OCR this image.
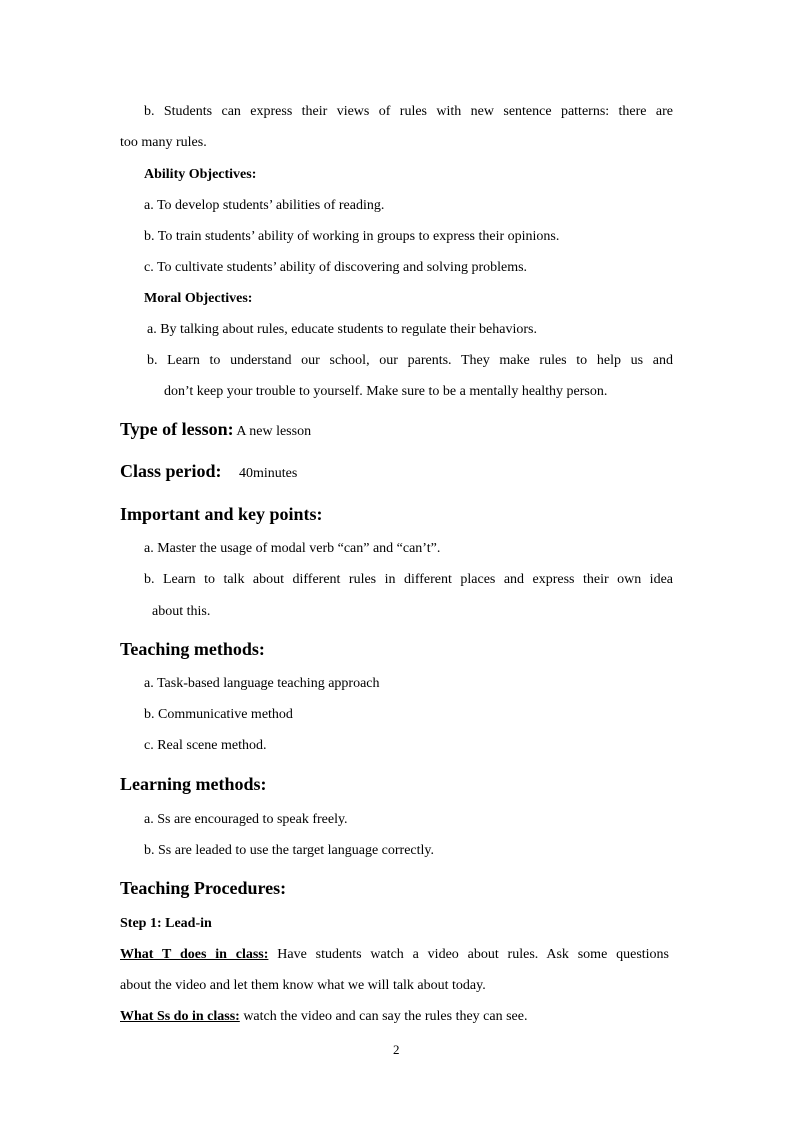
b. Students can express their views of rules with new sentence patterns: there are
too many rules.
Ability Objectives:
a. To develop students’ abilities of reading.
b. To train students’ ability of working in groups to express their opinions.
c. To cultivate students’ ability of discovering and solving problems.
Moral Objectives:
a. By talking about rules, educate students to regulate their behaviors.
b. Learn to understand our school, our parents. They make rules to help us and
don’t keep your trouble to yourself. Make sure to be a mentally healthy person.
Type of lesson: A new lesson
Class period: 40minutes
Important and key points:
a. Master the usage of modal verb “can” and “can’t”.
b. Learn to talk about different rules in different places and express their own idea
about this.
Teaching methods:
a. Task-based language teaching approach
b. Communicative method
c. Real scene method.
Learning methods:
a. Ss are encouraged to speak freely.
b. Ss are leaded to use the target language correctly.
Teaching Procedures:
Step 1: Lead-in
What T does in class: Have students watch a video about rules. Ask some questions
about the video and let them know what we will talk about today.
What Ss do in class: watch the video and can say the rules they can see.
2
